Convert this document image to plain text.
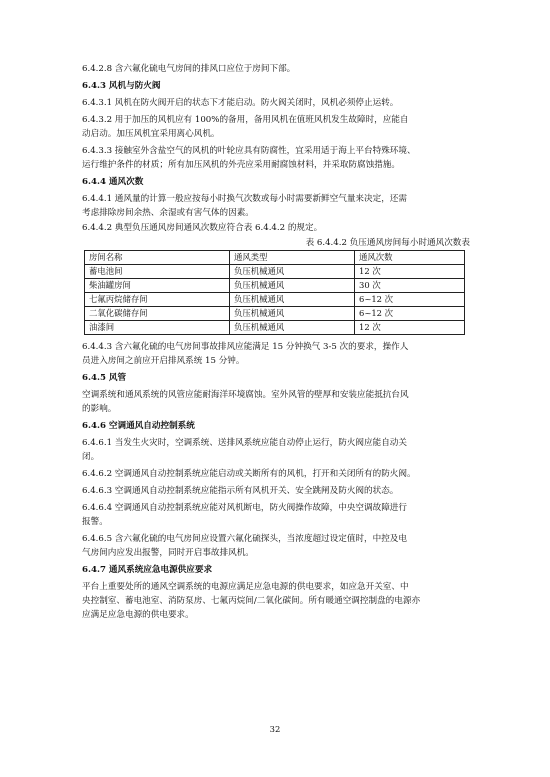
6.4.2.8 含六氟化硫电气房间的排风口应位于房间下部。
6.4.3 风机与防火阀
6.4.3.1 风机在防火阀开启的状态下才能启动。防火阀关闭时，风机必须停止运转。
6.4.3.2 用于加压的风机应有 100%的备用，备用风机在值班风机发生故障时，应能自
动启动。加压风机宜采用离心风机。
6.4.3.3 接触室外含盐空气的风机的叶轮应具有防腐性，宜采用适于海上平台特殊环境、
运行维护条件的材质；所有加压风机的外壳应采用耐腐蚀材料，并采取防腐蚀措施。
6.4.4 通风次数
6.4.4.1 通风量的计算一般应按每小时换气次数或每小时需要新鲜空气量来决定，还需
考虑排除房间余热、余湿或有害气体的因素。
6.4.4.2 典型负压通风房间通风次数应符合表 6.4.4.2 的规定。
表 6.4.4.2 负压通风房间每小时通风次数表
房间名称	通风类型	通风次数
蓄电池间	负压机械通风	12 次
柴油罐房间	负压机械通风	30 次
七氟丙烷储存间	负压机械通风	6~12 次
二氧化碳储存间	负压机械通风	6~12 次
油漆间	负压机械通风	12 次
6.4.4.3 含六氟化硫的电气房间事故排风应能满足 15 分钟换气 3-5 次的要求，操作人
员进入房间之前应开启排风系统 15 分钟。
6.4.5 风管
空调系统和通风系统的风管应能耐海洋环境腐蚀。室外风管的壁厚和安装应能抵抗台风
的影响。
6.4.6 空调通风自动控制系统
6.4.6.1 当发生火灾时，空调系统、送排风系统应能自动停止运行，防火阀应能自动关
闭。
6.4.6.2 空调通风自动控制系统应能启动或关断所有的风机，打开和关闭所有的防火阀。
6.4.6.3 空调通风自动控制系统应能指示所有风机开关、安全跳闸及防火阀的状态。
6.4.6.4 空调通风自动控制系统应能对风机断电，防火阀操作故障，中央空调故障进行
报警。
6.4.6.5 含六氟化硫的电气房间应设置六氟化硫探头，当浓度超过设定值时，中控及电
气房间内应发出报警，同时开启事故排风机。
6.4.7 通风系统应急电源供应要求
平台上重要处所的通风空调系统的电源应满足应急电源的供电要求，如应急开关室、中
央控制室、蓄电池室、消防泵房、七氟丙烷间/二氧化碳间。所有暖通空调控制盘的电源亦
应满足应急电源的供电要求。
32
